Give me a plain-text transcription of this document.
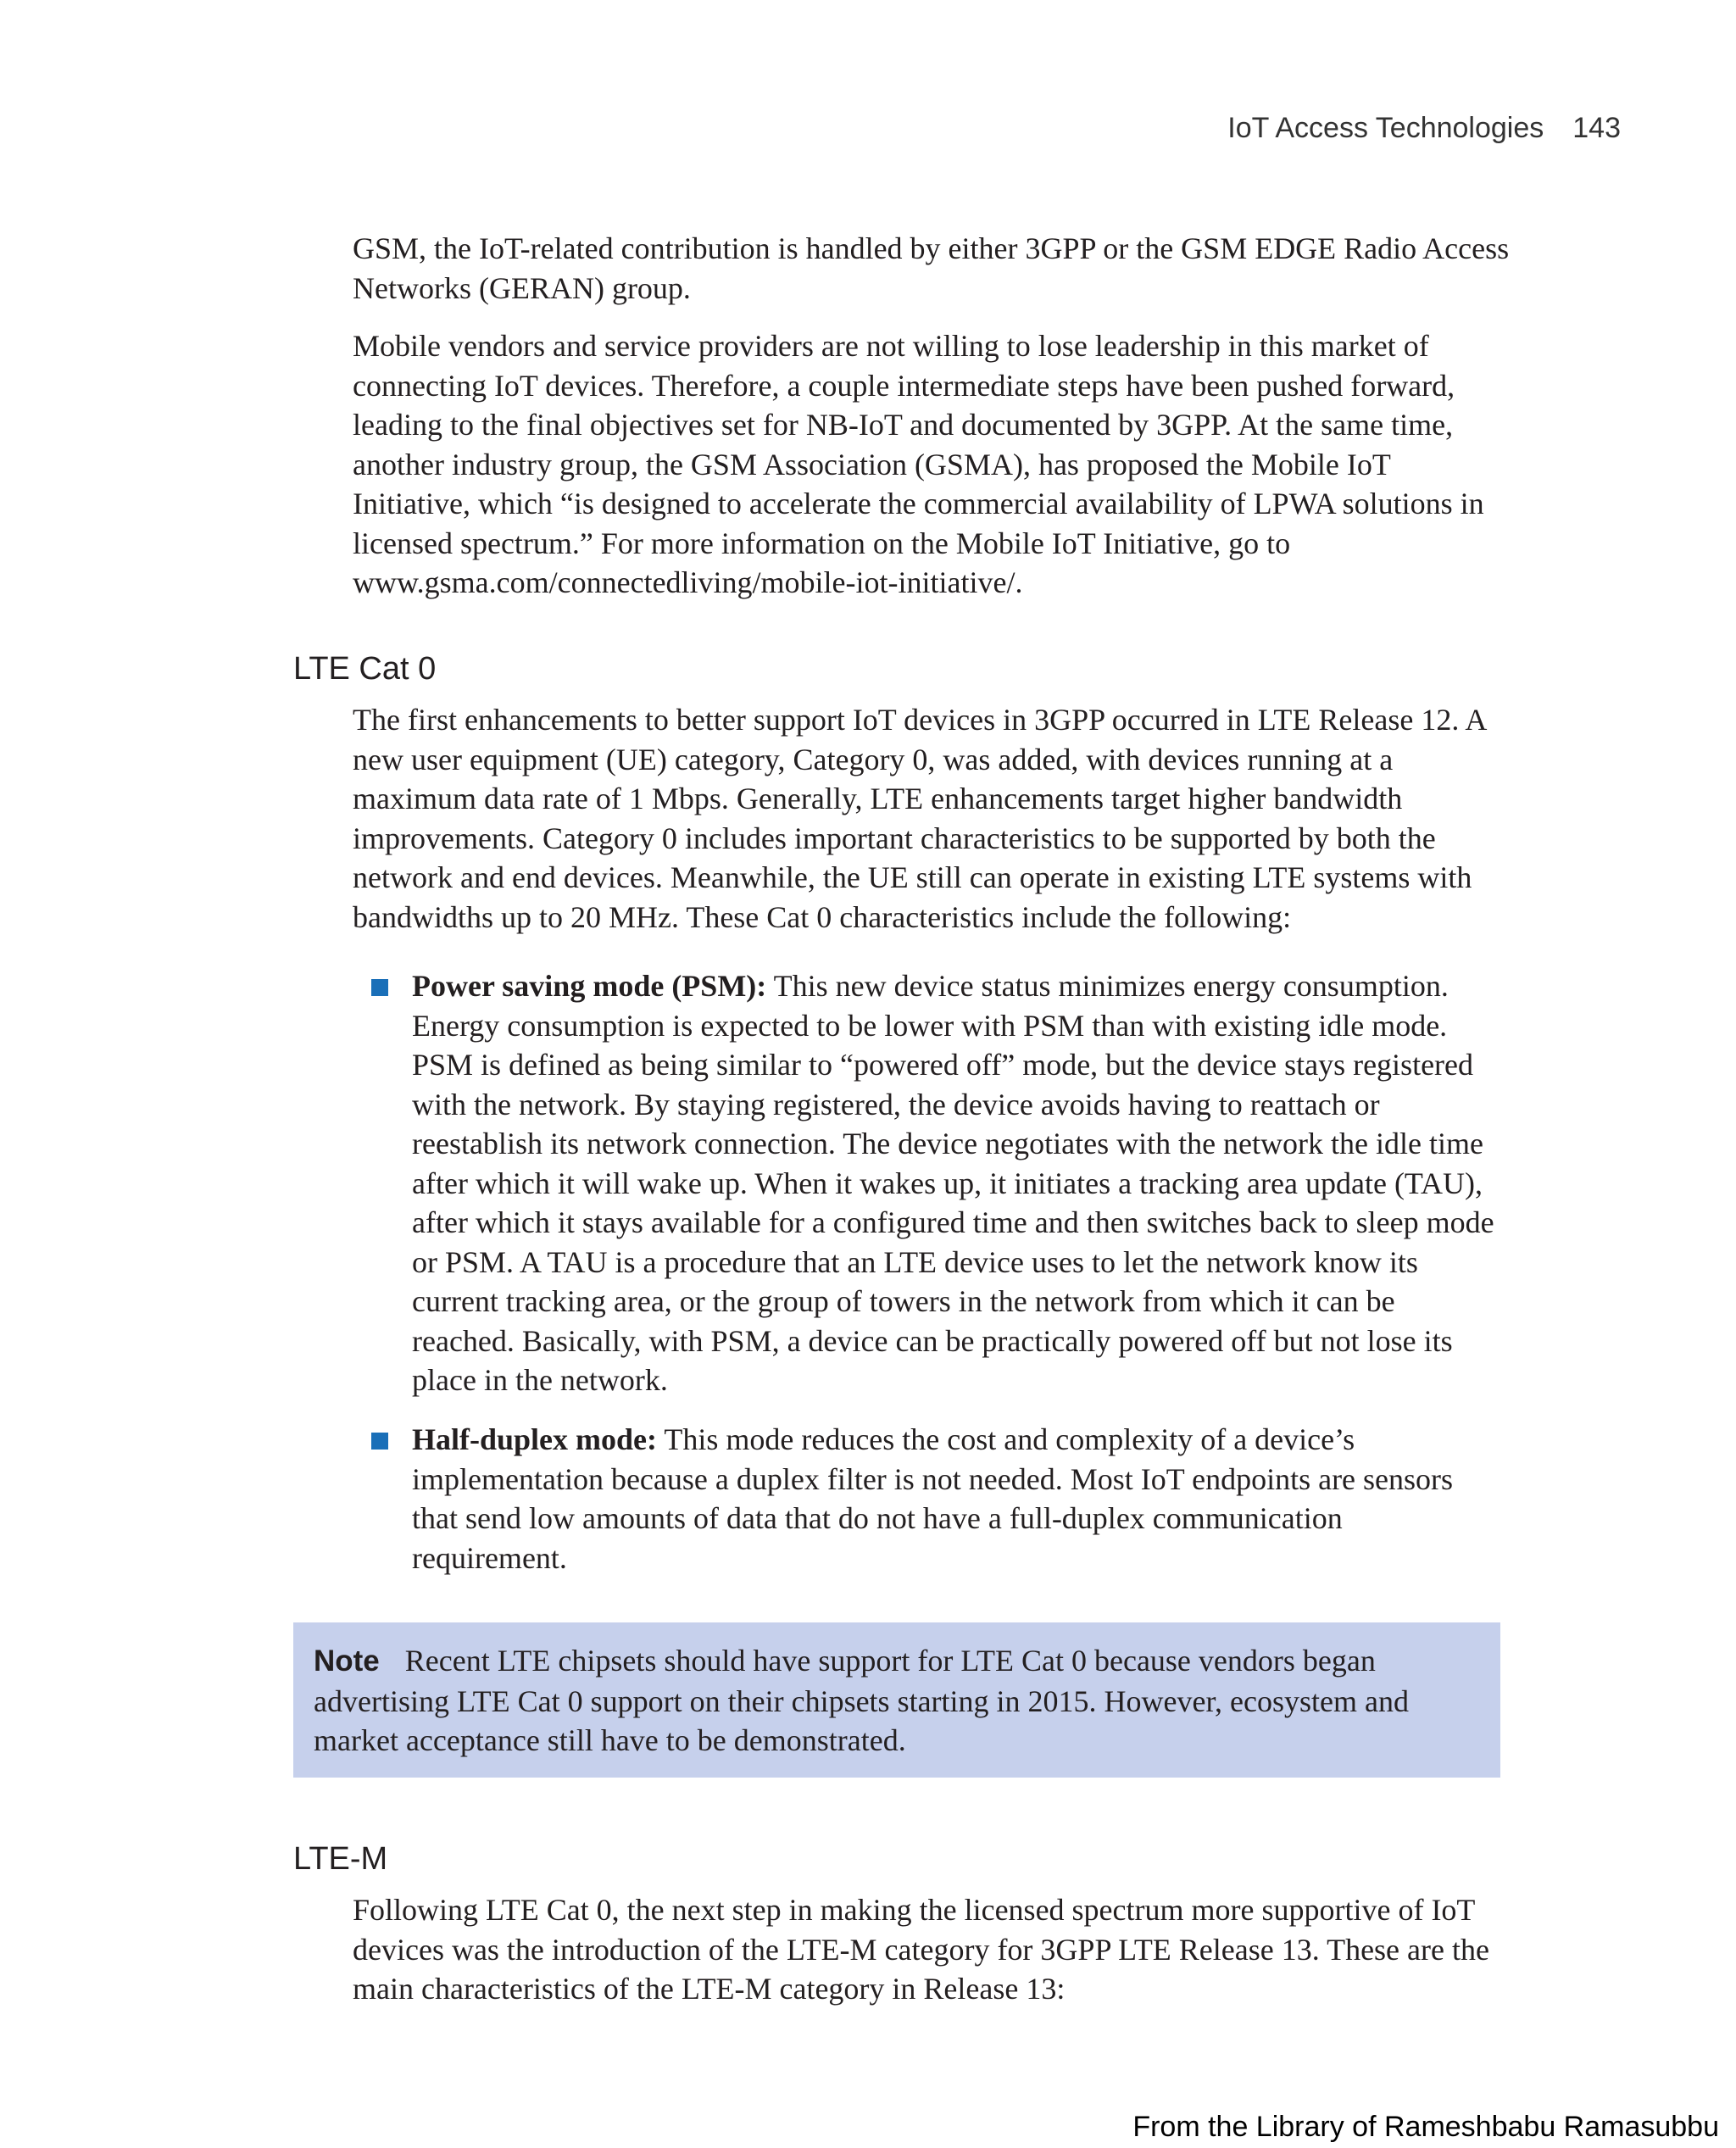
IoT Access Technologies 143

GSM, the IoT-related contribution is handled by either 3GPP or the GSM EDGE Radio Access Networks (GERAN) group.

Mobile vendors and service providers are not willing to lose leadership in this market of connecting IoT devices. Therefore, a couple intermediate steps have been pushed forward, leading to the final objectives set for NB-IoT and documented by 3GPP. At the same time, another industry group, the GSM Association (GSMA), has proposed the Mobile IoT Initiative, which “is designed to accelerate the commercial availability of LPWA solutions in licensed spectrum.” For more information on the Mobile IoT Initiative, go to www.gsma.com/connectedliving/mobile-iot-initiative/.

LTE Cat 0

The first enhancements to better support IoT devices in 3GPP occurred in LTE Release 12. A new user equipment (UE) category, Category 0, was added, with devices running at a maximum data rate of 1 Mbps. Generally, LTE enhancements target higher bandwidth improvements. Category 0 includes important characteristics to be supported by both the network and end devices. Meanwhile, the UE still can operate in existing LTE systems with bandwidths up to 20 MHz. These Cat 0 characteristics include the following:

Power saving mode (PSM): This new device status minimizes energy consumption. Energy consumption is expected to be lower with PSM than with existing idle mode. PSM is defined as being similar to “powered off” mode, but the device stays registered with the network. By staying registered, the device avoids having to reattach or reestablish its network connection. The device negotiates with the network the idle time after which it will wake up. When it wakes up, it initiates a tracking area update (TAU), after which it stays available for a configured time and then switches back to sleep mode or PSM. A TAU is a procedure that an LTE device uses to let the network know its current tracking area, or the group of towers in the network from which it can be reached. Basically, with PSM, a device can be practically powered off but not lose its place in the network.

Half-duplex mode: This mode reduces the cost and complexity of a device’s implementation because a duplex filter is not needed. Most IoT endpoints are sensors that send low amounts of data that do not have a full-duplex communication requirement.

Note Recent LTE chipsets should have support for LTE Cat 0 because vendors began advertising LTE Cat 0 support on their chipsets starting in 2015. However, ecosystem and market acceptance still have to be demonstrated.
LTE-M

Following LTE Cat 0, the next step in making the licensed spectrum more supportive of IoT devices was the introduction of the LTE-M category for 3GPP LTE Release 13. These are the main characteristics of the LTE-M category in Release 13:

From the Library of Rameshbabu Ramasubbu
